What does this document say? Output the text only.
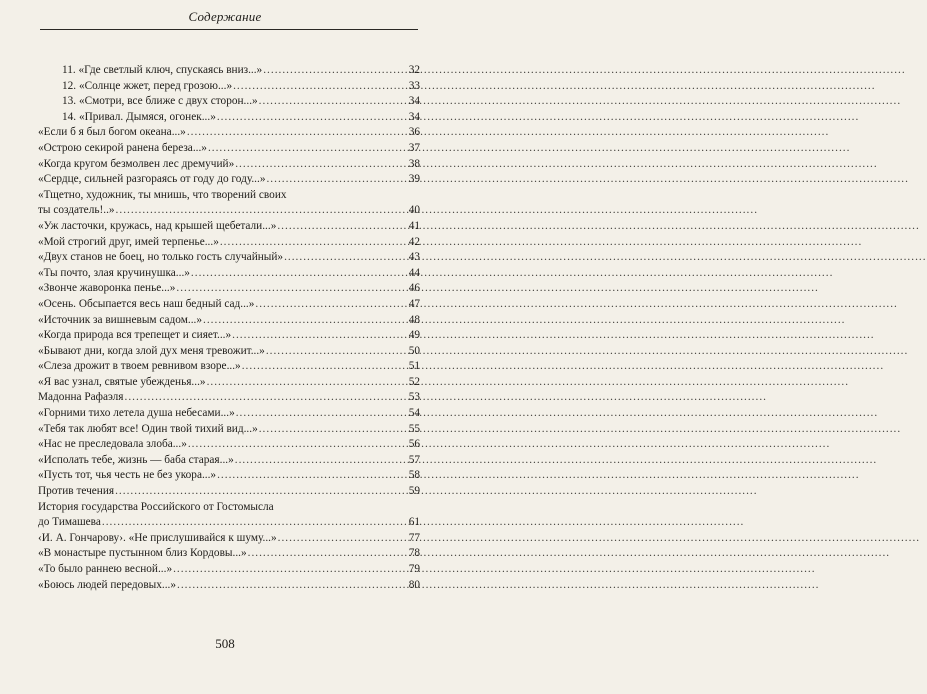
Содержание
11. «Где светлый ключ, спускаясь вниз...» .....	32
12. «Солнце жжет, перед грозою...» .....	33
13. «Смотри, все ближе с двух сторон...» .....	34
14. «Привал. Дымяся, огонек...» .....	34
«Если б я был богом океана...» .....	36
«Острою секирой ранена береза...» .....	37
«Когда кругом безмолвен лес дремучий» .....	38
«Сердце, сильней разгораясь от году до году...» .....	39
«Тщетно, художник, ты мнишь, что творений своих
ты создатель!..» .....	40
«Уж ласточки, кружась, над крышей щебетали...» .....	41
«Мой строгий друг, имей терпенье...» .....	42
«Двух станов не боец, но только гость случайный» .....	43
«Ты почто, злая кручинушка...» .....	44
«Звонче жаворонка пенье...» .....	46
«Осень. Обсыпается весь наш бедный сад...» .....	47
«Источник за вишневым садом...» .....	48
«Когда природа вся трепещет и сияет...» .....	49
«Бывают дни, когда злой дух меня тревожит...» .....	50
«Слеза дрожит в твоем ревнивом взоре...» .....	51
«Я вас узнал, святые убежденья...» .....	52
Мадонна Рафаэля .....	53
«Горними тихо летела душа небесами...» .....	54
«Тебя так любят все! Один твой тихий вид...» .....	55
«Нас не преследовала злоба...» .....	56
«Исполать тебе, жизнь — баба старая...» .....	57
«Пусть тот, чья честь не без укора...» .....	58
Против течения .....	59
История государства Российского от Гостомысла
до Тимашева .....	61
‹И. А. Гончарову›. «Не прислушивайся к шуму...» .....	77
«В монастыре пустынном близ Кордовы...» .....	78
«То было раннею весной...» .....	79
«Боюсь людей передовых...» .....	80
508
